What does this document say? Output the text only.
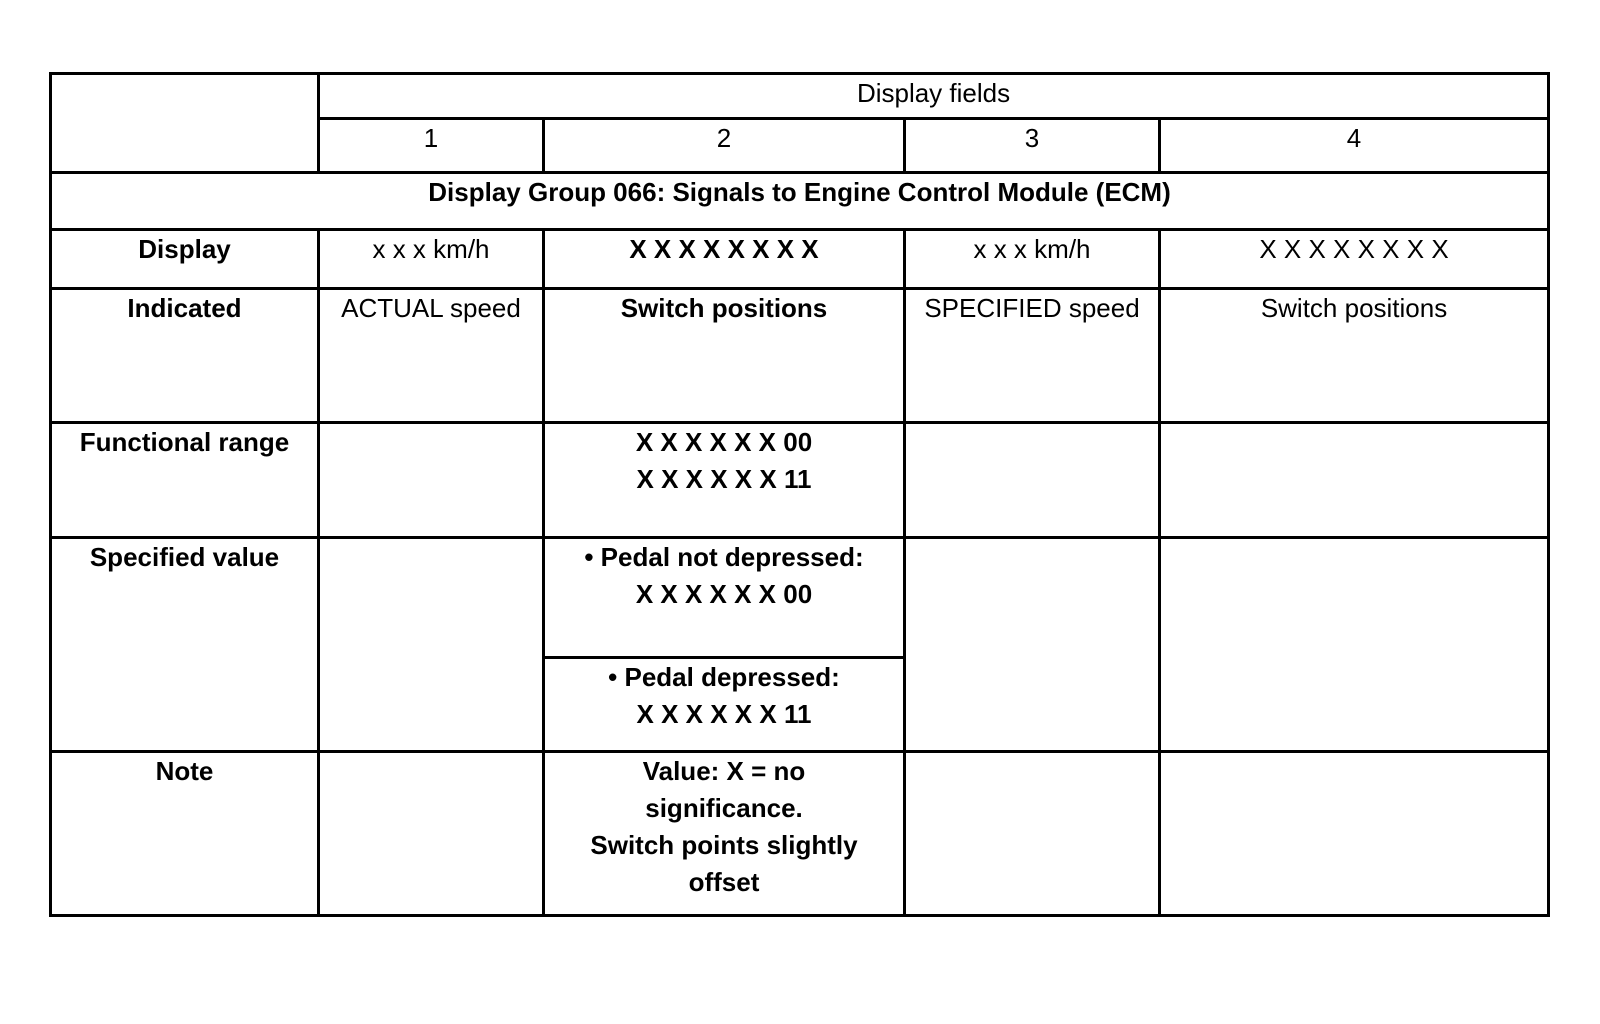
	Display fields			
	1	2	3	4
Display Group 066: Signals to Engine Control Module (ECM)				
Display	x x x km/h	X X X X X X X X	x x x km/h	X X X X X X X X
Indicated	ACTUAL speed	Switch positions	SPECIFIED speed	Switch positions
Functional range		X X X X X X 00
X X X X X X 11		

Specified value		• Pedal not depressed:
X X X X X X 00		

		• Pedal depressed:
X X X X X X 11		

Note		Value: X = no
significance.
Switch points slightly
offset		
